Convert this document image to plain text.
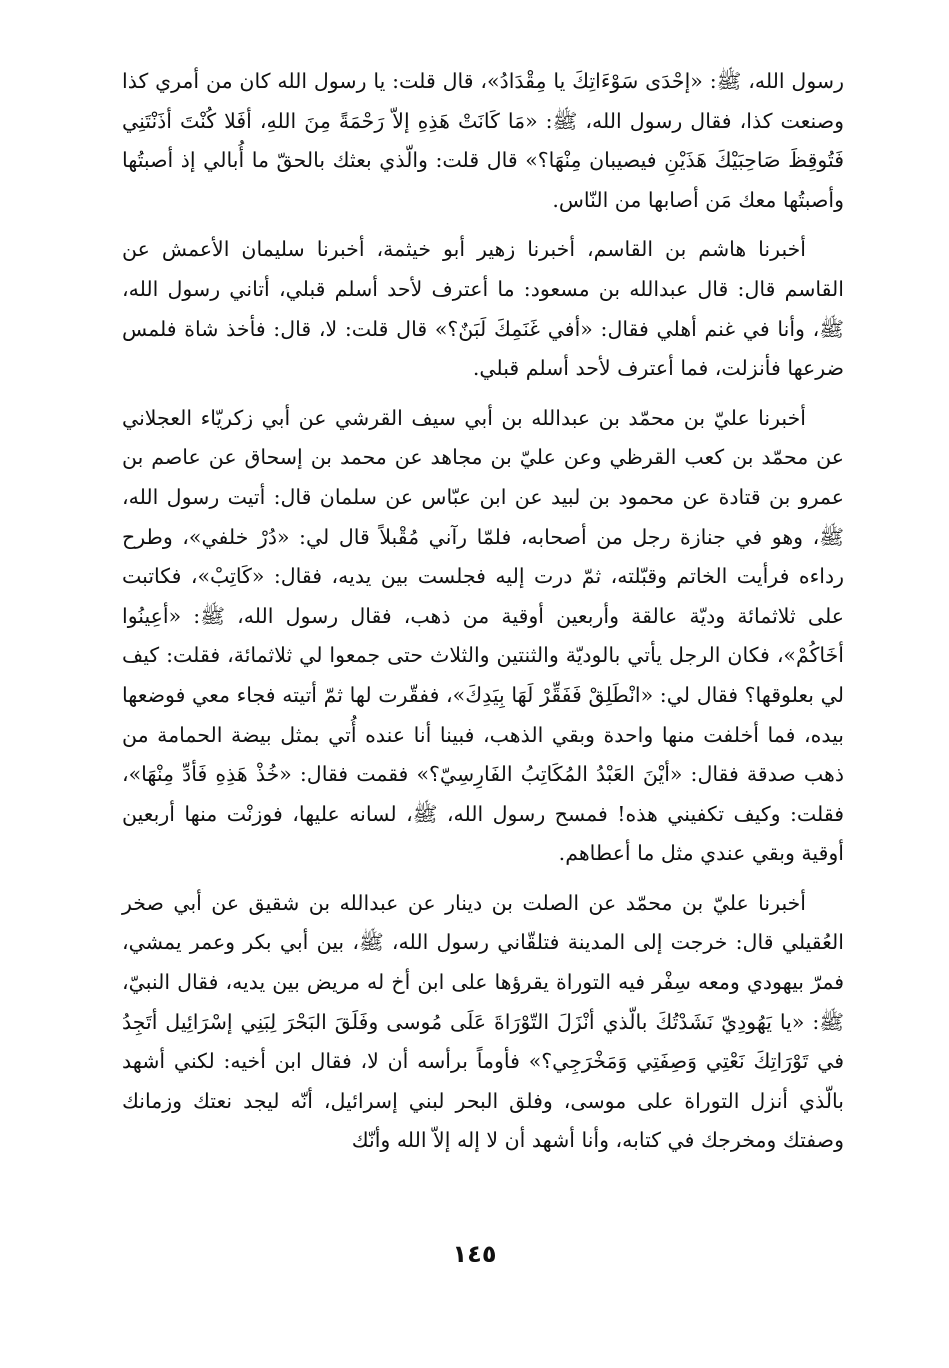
رسول الله، ﷺ: «إحْدَى سَوْءَاتِكَ يا مِقْدَادُ»، قال قلت: يا رسول الله كان من أمري كذا وصنعت كذا، فقال رسول الله، ﷺ: «مَا كَانَتْ هَذِهِ إلاّ رَحْمَةً مِنَ اللهِ، أفَلا كُنْتَ أذَنْتَنِي فَتُوقِظَ صَاحِبَيْكَ هَذَيْنِ فيصيبان مِنْهَا؟» قال قلت: والّذي بعثك بالحقّ ما أُبالي إذ أصبتُها وأصبتُها معك مَن أصابها من النّاس.

أخبرنا هاشم بن القاسم، أخبرنا زهير أبو خيثمة، أخبرنا سليمان الأعمش عن القاسم قال: قال عبدالله بن مسعود: ما أعترف لأحد أسلم قبلي، أتاني رسول الله، ﷺ، وأنا في غنم أهلي فقال: «أفي غَنَمِكَ لَبَنٌ؟» قال قلت: لا، قال: فأخذ شاة فلمس ضرعها فأنزلت، فما أعترف لأحد أسلم قبلي.

أخبرنا عليّ بن محمّد بن عبدالله بن أبي سيف القرشي عن أبي زكريّاء العجلاني عن محمّد بن كعب القرظي وعن عليّ بن مجاهد عن محمد بن إسحاق عن عاصم بن عمرو بن قتادة عن محمود بن لبيد عن ابن عبّاس عن سلمان قال: أتيت رسول الله، ﷺ، وهو في جنازة رجل من أصحابه، فلمّا رآني مُقْبلاً قال لي: «دُرْ خلفي»، وطرح رداءه فرأيت الخاتم وقبّلته، ثمّ درت إليه فجلست بين يديه، فقال: «كَاتِبْ»، فكاتبت على ثلاثمائة وديّة عالقة وأربعين أوقية من ذهب، فقال رسول الله، ﷺ: «أعِينُوا أخَاكُمْ»، فكان الرجل يأتي بالوديّة والثنتين والثلاث حتى جمعوا لي ثلاثمائة، فقلت: كيف لي بعلوقها؟ فقال لي: «انْطَلِقْ فَفَقِّرْ لَهَا بِيَدِكَ»، ففقّرت لها ثمّ أتيته فجاء معي فوضعها بيده، فما أخلفت منها واحدة وبقي الذهب، فبينا أنا عنده أُتي بمثل بيضة الحمامة من ذهب صدقة فقال: «أيْنَ العَبْدُ المُكَاتِبُ الفَارِسِيّ؟» فقمت فقال: «خُذْ هَذِهِ فَأدِّ مِنْهَا»، فقلت: وكيف تكفيني هذه! فمسح رسول الله، ﷺ، لسانه عليها، فوزنْت منها أربعين أوقية وبقي عندي مثل ما أعطاهم.

أخبرنا عليّ بن محمّد عن الصلت بن دينار عن عبدالله بن شقيق عن أبي صخر العُقيلي قال: خرجت إلى المدينة فتلقّاني رسول الله، ﷺ، بين أبي بكر وعمر يمشي، فمرّ بيهودي ومعه سِفْر فيه التوراة يقرؤها على ابن أخ له مريض بين يديه، فقال النبيّ، ﷺ: «يا يَهُودِيّ نَشَدْتُكَ بالّذي أنْزَلَ التّوْرَاةَ عَلَى مُوسى وفَلَقَ البَحْرَ لِبَنِي إسْرَائِيل أتَجِدُ في تَوْرَاتِكَ نَعْتِي وَصِفَتِي وَمَخْرَجِي؟» فأوماً برأسه أن لا، فقال ابن أخيه: لكني أشهد بالّذي أنزل التوراة على موسى، وفلق البحر لبني إسرائيل، أنّه ليجد نعتك وزمانك وصفتك ومخرجك في كتابه، وأنا أشهد أن لا إله إلاّ الله وأنّك

١٤٥
